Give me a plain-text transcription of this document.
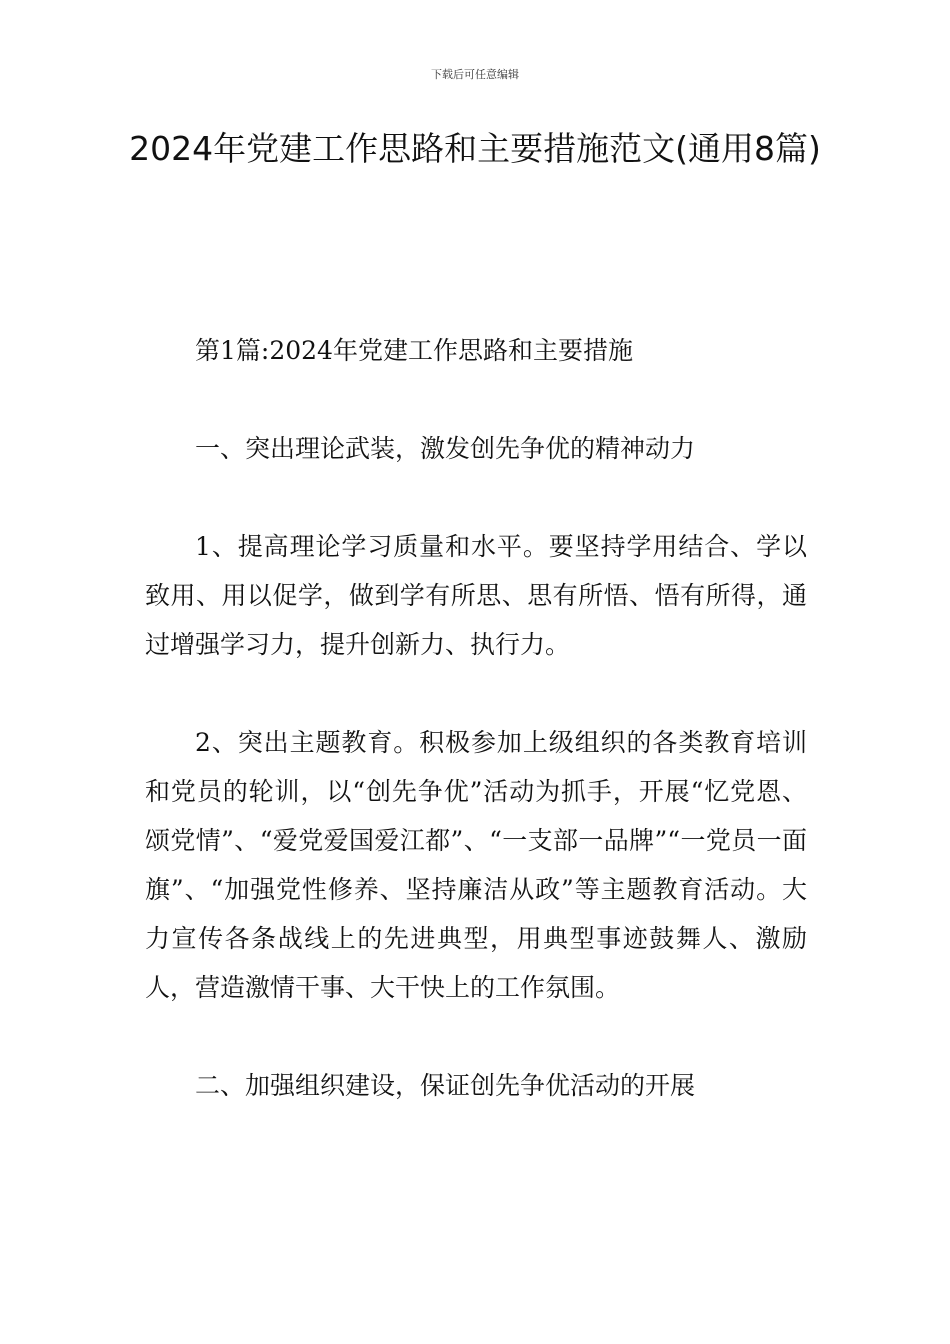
下载后可任意编辑
2024年党建工作思路和主要措施范文(通用8篇)

第1篇:2024年党建工作思路和主要措施

一、突出理论武装，激发创先争优的精神动力

1、提高理论学习质量和水平。要坚持学用结合、学以致用、用以促学，做到学有所思、思有所悟、悟有所得，通过增强学习力，提升创新力、执行力。

2、突出主题教育。积极参加上级组织的各类教育培训和党员的轮训，以“创先争优”活动为抓手，开展“忆党恩、颂党情”、“爱党爱国爱江都”、“一支部一品牌”“一党员一面旗”、“加强党性修养、坚持廉洁从政”等主题教育活动。大力宣传各条战线上的先进典型，用典型事迹鼓舞人、激励人，营造激情干事、大干快上的工作氛围。

二、加强组织建设，保证创先争优活动的开展
